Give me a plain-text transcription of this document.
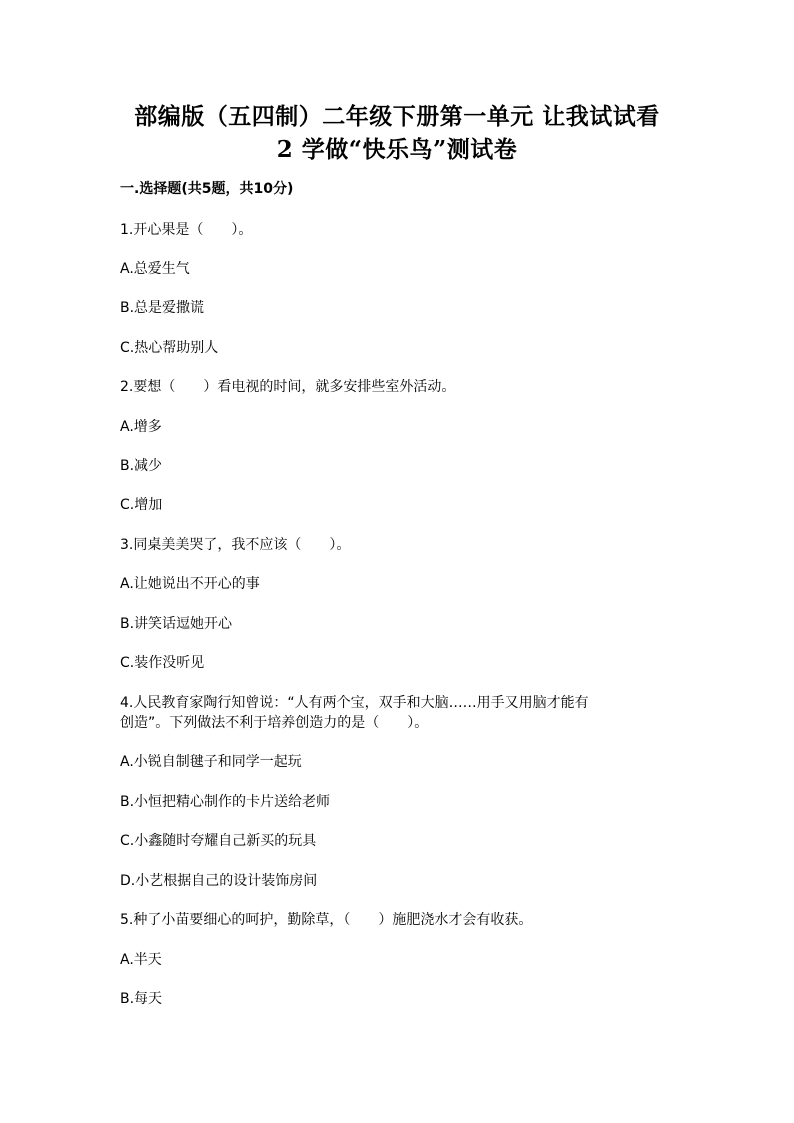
部编版（五四制）二年级下册第一单元 让我试试看
2 学做“快乐鸟”测试卷
一.选择题(共5题，共10分)
1.开心果是（　　）。
A.总爱生气
B.总是爱撒谎
C.热心帮助别人
2.要想（　　）看电视的时间，就多安排些室外活动。
A.增多
B.减少
C.增加
3.同桌美美哭了，我不应该（　　）。
A.让她说出不开心的事
B.讲笑话逗她开心
C.装作没听见
4.人民教育家陶行知曾说：“人有两个宝，双手和大脑……用手又用脑才能有
创造”。下列做法不利于培养创造力的是（　　）。
A.小锐自制毽子和同学一起玩
B.小恒把精心制作的卡片送给老师
C.小鑫随时夸耀自己新买的玩具
D.小艺根据自己的设计装饰房间
5.种了小苗要细心的呵护，勤除草，（　　）施肥浇水才会有收获。
A.半天
B.每天
